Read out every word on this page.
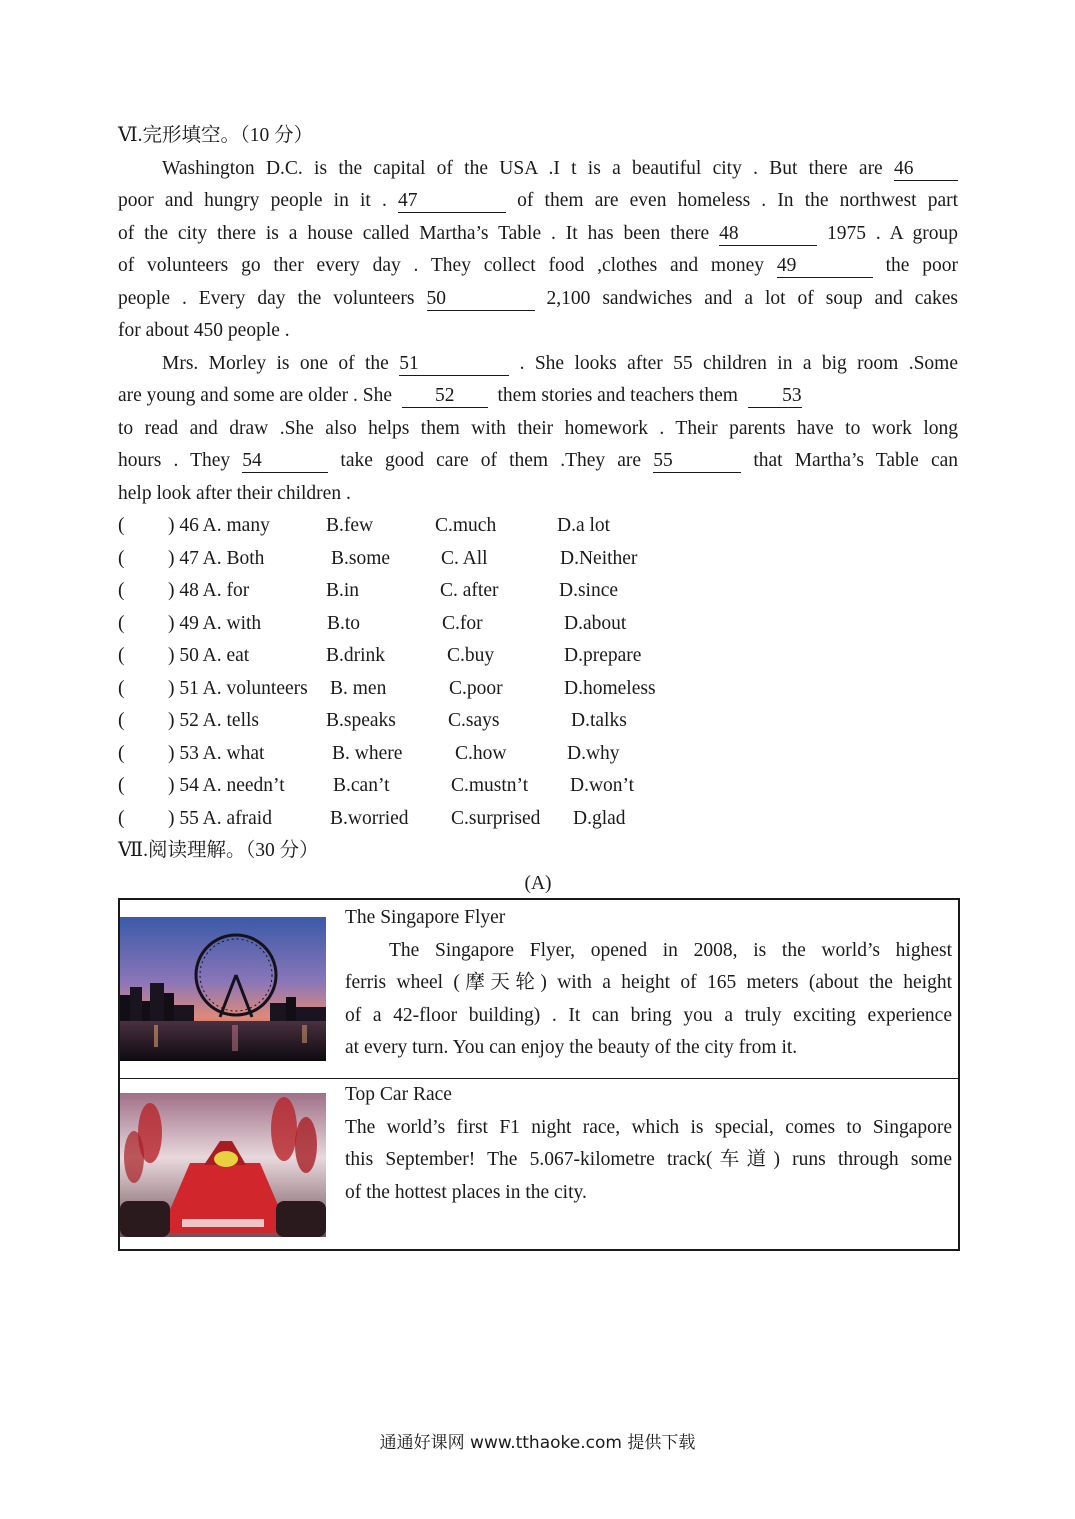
Ⅵ.完形填空。（10 分）
Washington D.C. is the capital of the USA .I t is a beautiful city . But there are 46
poor and hungry people in it . 47	of them are even homeless . In the northwest part
of the city there is a house called Martha’s Table . It has been there 48	1975 . A group
of volunteers go ther every day . They collect food ,clothes and money 49	the poor
people . Every day the volunteers 50	2,100 sandwiches and a lot of soup and cakes
for about 450 people .
Mrs. Morley is one of the 51	. She looks after 55 children in a big room .Some
are young and some are older . She 52 them stories and teachers them 53
to read and draw .She also helps them with their homework . Their parents have to work long
hours . They 54	take good care of them .They are 55	that Martha’s Table can
help look after their children .
( ) 46 A. many	B.few	C.much	D.a lot
( ) 47 A. Both	B.some	C. All	D.Neither
( ) 48 A. for	B.in	C. after	D.since
( ) 49 A. with	B.to	C.for	D.about
( ) 50 A. eat	B.drink	C.buy	D.prepare
( ) 51 A. volunteers B. men	C.poor	D.homeless
( ) 52 A. tells	B.speaks	C.says	D.talks
( ) 53 A. what	B. where	C.how	D.why
( ) 54 A. needn’t B.can’t	C.mustn’t D.won’t
( ) 55 A. afraid	B.worried C.surprised D.glad
Ⅶ.阅读理解。（30 分）
(A)
The Singapore Flyer
The Singapore Flyer, opened in 2008, is the world’s highest
ferris wheel (摩天轮) with a height of 165 meters (about the height
of a 42-floor building) . It can bring you a truly exciting experience
at every turn. You can enjoy the beauty of the city from it.
Top Car Race
The world’s first F1 night race, which is special, comes to Singapore
this September! The 5.067-kilometre track(车道) runs through some
of the hottest places in the city.
通通好课网 www.tthaoke.com 提供下载
